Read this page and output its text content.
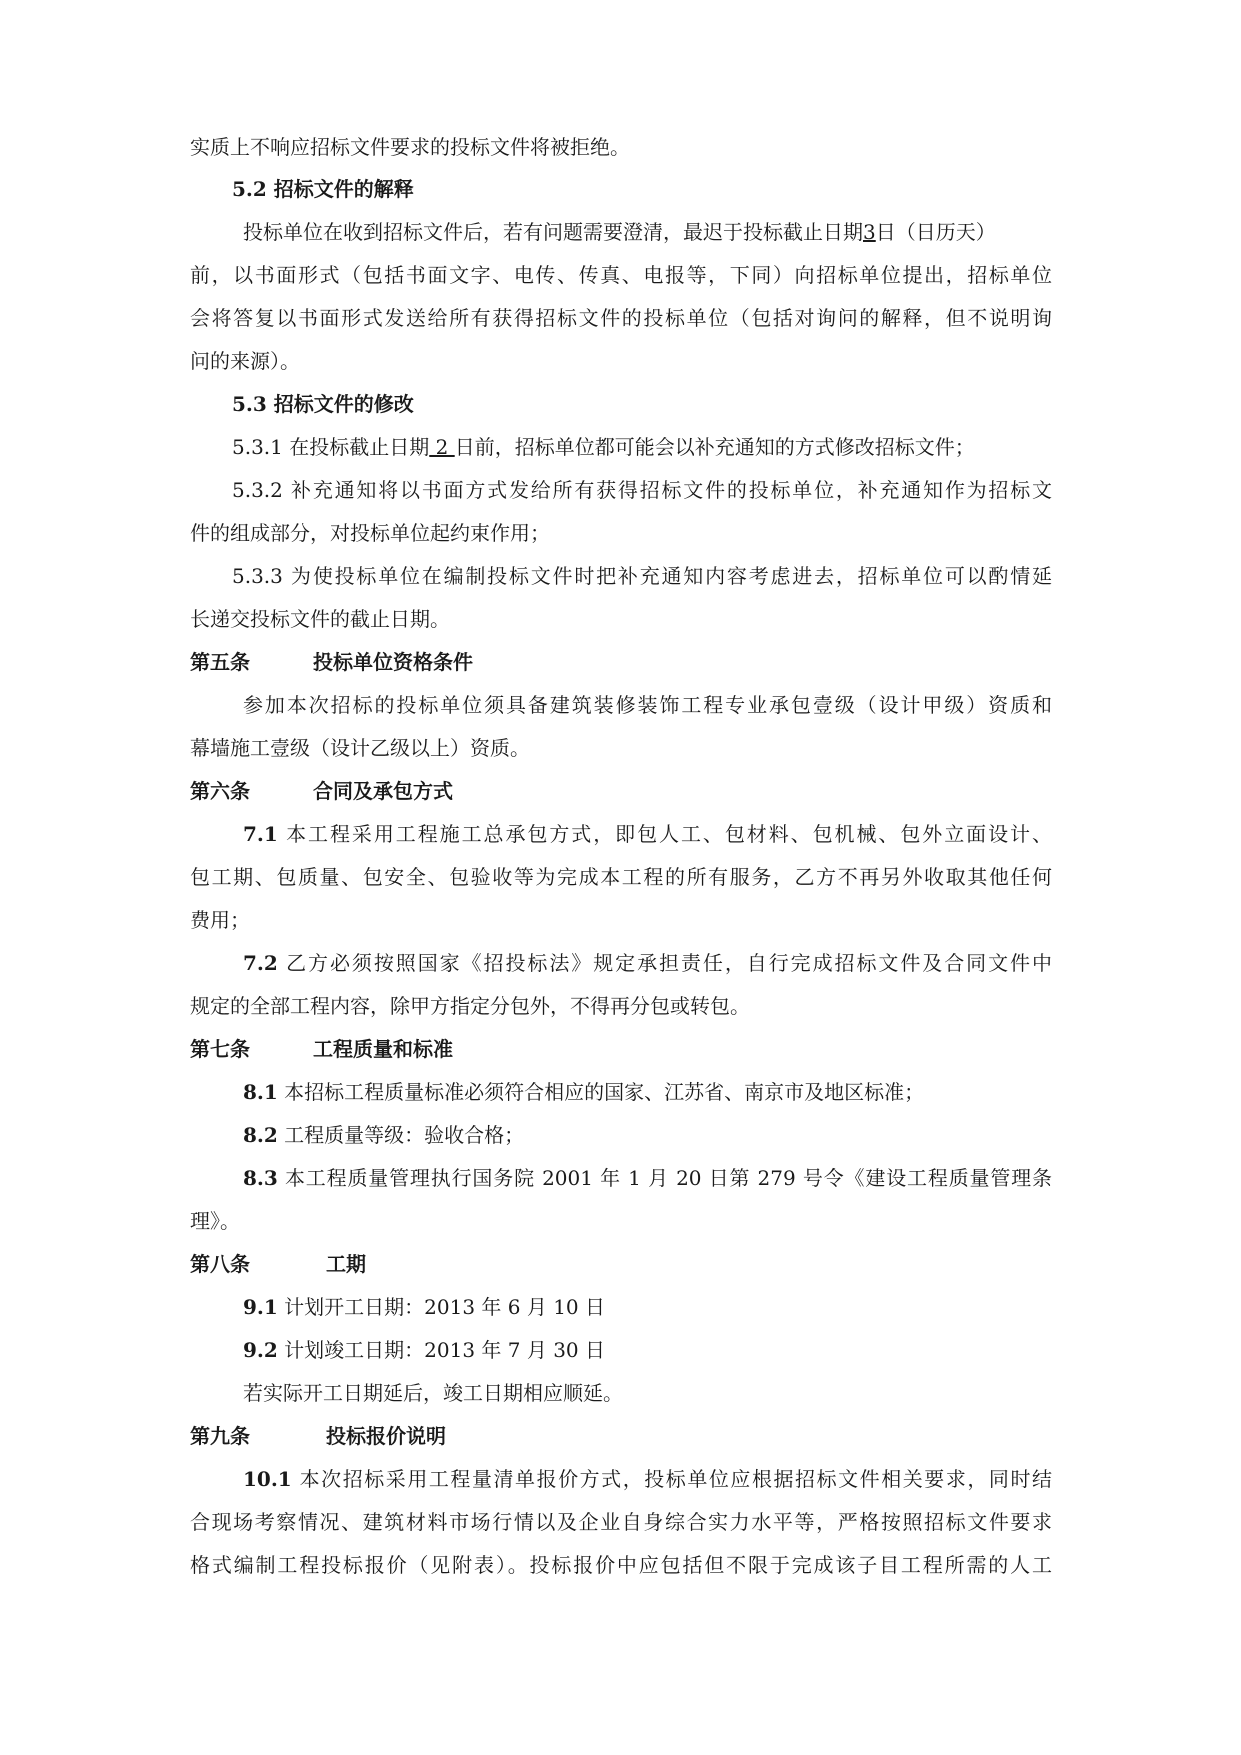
实质上不响应招标文件要求的投标文件将被拒绝。
5.2 招标文件的解释
投标单位在收到招标文件后，若有问题需要澄清，最迟于投标截止日期3日（日历天）
前，以书面形式（包括书面文字、电传、传真、电报等，下同）向招标单位提出，招标单位
会将答复以书面形式发送给所有获得招标文件的投标单位（包括对询问的解释，但不说明询
问的来源）。
5.3 招标文件的修改
5.3.1 在投标截止日期 2 日前，招标单位都可能会以补充通知的方式修改招标文件；
5.3.2 补充通知将以书面方式发给所有获得招标文件的投标单位，补充通知作为招标文
件的组成部分，对投标单位起约束作用；
5.3.3 为使投标单位在编制投标文件时把补充通知内容考虑进去，招标单位可以酌情延
长递交投标文件的截止日期。
第五条	投标单位资格条件
参加本次招标的投标单位须具备建筑装修装饰工程专业承包壹级（设计甲级）资质和
幕墙施工壹级（设计乙级以上）资质。
第六条	合同及承包方式
7.1 本工程采用工程施工总承包方式，即包人工、包材料、包机械、包外立面设计、
包工期、包质量、包安全、包验收等为完成本工程的所有服务，乙方不再另外收取其他任何
费用；
7.2 乙方必须按照国家《招投标法》规定承担责任，自行完成招标文件及合同文件中
规定的全部工程内容，除甲方指定分包外，不得再分包或转包。
第七条	工程质量和标准
8.1 本招标工程质量标准必须符合相应的国家、江苏省、南京市及地区标准；
8.2 工程质量等级：验收合格；
8.3 本工程质量管理执行国务院 2001 年 1 月 20 日第 279 号令《建设工程质量管理条
理》。
第八条	工期
9.1 计划开工日期：2013 年 6 月 10 日
9.2 计划竣工日期：2013 年 7 月 30 日
若实际开工日期延后，竣工日期相应顺延。
第九条	投标报价说明
10.1 本次招标采用工程量清单报价方式，投标单位应根据招标文件相关要求，同时结
合现场考察情况、建筑材料市场行情以及企业自身综合实力水平等，严格按照招标文件要求
格式编制工程投标报价（见附表）。投标报价中应包括但不限于完成该子目工程所需的人工
